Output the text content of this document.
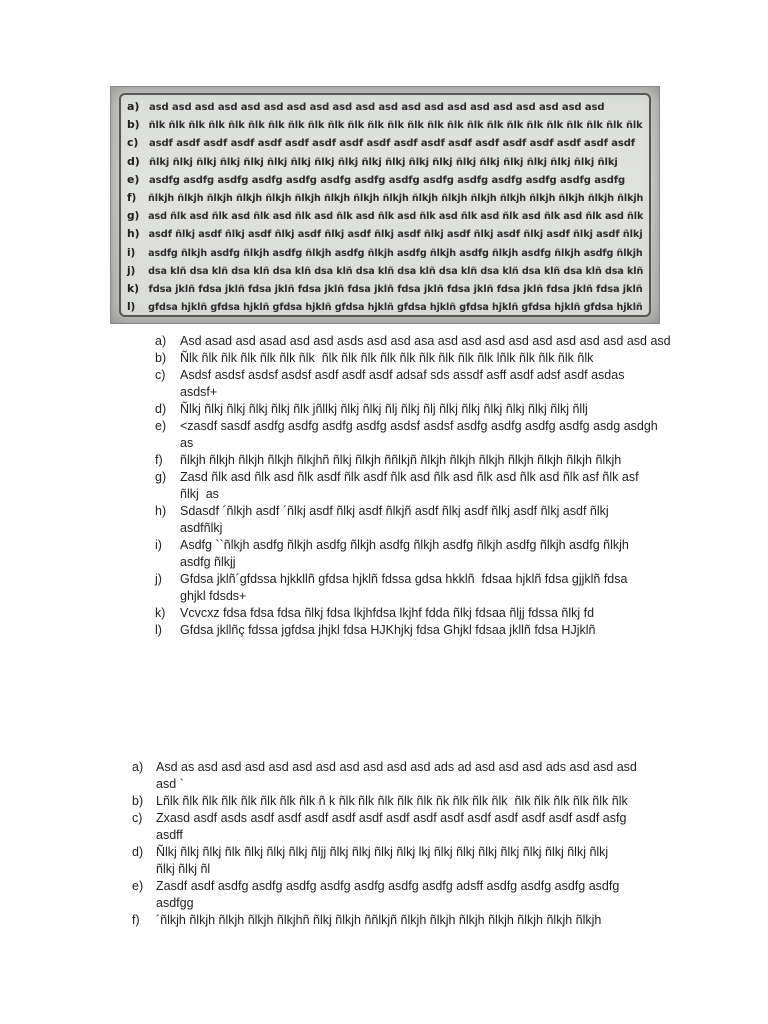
a) asd asd asd asd asd asd asd asd asd asd asd asd asd asd asd asd asd asd asd asd
b) ñlk ñlk ñlk ñlk ñlk ñlk ñlk ñlk ñlk ñlk ñlk ñlk ñlk ñlk ñlk ñlk ñlk ñlk ñlk ñlk ñlk ñlk ñlk ñlk ñlk
c) asdf asdf asdf asdf asdf asdf asdf asdf asdf asdf asdf asdf asdf asdf asdf asdf asdf asdf
d) ñlkj ñlkj ñlkj ñlkj ñlkj ñlkj ñlkj ñlkj ñlkj ñlkj ñlkj ñlkj ñlkj ñlkj ñlkj ñlkj ñlkj ñlkj ñlkj ñlkj
e) asdfg asdfg asdfg asdfg asdfg asdfg asdfg asdfg asdfg asdfg asdfg asdfg asdfg asdfg
f) ñlkjh ñlkjh ñlkjh ñlkjh ñlkjh ñlkjh ñlkjh ñlkjh ñlkjh ñlkjh ñlkjh ñlkjh ñlkjh ñlkjh ñlkjh ñlkjh ñlkjh
g) asd ñlk asd ñlk asd ñlk asd ñlk asd ñlk asd ñlk asd ñlk asd ñlk asd ñlk asd ñlk asd ñlk asd ñlk
h) asdf ñlkj asdf ñlkj asdf ñlkj asdf ñlkj asdf ñlkj asdf ñlkj asdf ñlkj asdf ñlkj asdf ñlkj asdf ñlkj
i) asdfg ñlkjh asdfg ñlkjh asdfg ñlkjh asdfg ñlkjh asdfg ñlkjh asdfg ñlkjh asdfg ñlkjh asdfg ñlkjh
j) dsa klñ dsa klñ dsa klñ dsa klñ dsa klñ dsa klñ dsa klñ dsa klñ dsa klñ dsa klñ dsa klñ dsa klñ
k) fdsa jklñ fdsa jklñ fdsa jklñ fdsa jklñ fdsa jklñ fdsa jklñ fdsa jklñ fdsa jklñ fdsa jklñ fdsa jklñ
l) gfdsa hjklñ gfdsa hjklñ gfdsa hjklñ gfdsa hjklñ gfdsa hjklñ gfdsa hjklñ gfdsa hjklñ gfdsa hjklñ
a) Asd asad asd asad asd asd asds asd asd asa asd asd asd asd asd asd asd asd asd asd
b) Ñlk ñlk ñlk ñlk ñlk ñlk ñlk  ñlk ñlk ñlk ñlk ñlk ñlk ñlk ñlk ñlk lñlk ñlk ñlk ñlk ñlk
c) Asdsf asdsf asdsf asdsf asdf asdf asdf adsaf sds assdf asff asdf adsf asdf asdas
asdsf+
d) Ñlkj ñlkj ñlkj ñlkj ñlkj ñlk jñllkj ñlkj ñlkj ñlj ñlkj ñlj ñlkj ñlkj ñlkj ñlkj ñlkj ñlkj ñllj
e) <zasdf sasdf asdfg asdfg asdfg asdfg asdsf asdsf asdfg asdfg asdfg asdfg asdg asdgh
as
f) ñlkjh ñlkjh ñlkjh ñlkjh ñlkjhñ ñlkj ñlkjh ññlkjñ ñlkjh ñlkjh ñlkjh ñlkjh ñlkjh ñlkjh ñlkjh
g) Zasd ñlk asd ñlk asd ñlk asdf ñlk asdf ñlk asd ñlk asd ñlk asd ñlk asd ñlk asf ñlk asf
ñlkj  as
h) Sdasdf ´ñlkjh asdf ´ñlkj asdf ñlkj asdf ñlkjñ asdf ñlkj asdf ñlkj asdf ñlkj asdf ñlkj
asdfñlkj
i) Asdfg ``ñlkjh asdfg ñlkjh asdfg ñlkjh asdfg ñlkjh asdfg ñlkjh asdfg ñlkjh asdfg ñlkjh
asdfg ñlkjj
j) Gfdsa jklñ´gfdssa hjkkllñ gfdsa hjklñ fdssa gdsa hkklñ  fdsaa hjklñ fdsa gjjklñ fdsa
ghjkl fdsds+
k) Vcvcxz fdsa fdsa fdsa ñlkj fdsa lkjhfdsa lkjhf fdda ñlkj fdsaa ñljj fdssa ñlkj fd
l) Gfdsa jkllñç fdssa jgfdsa jhjkl fdsa HJKhjkj fdsa Ghjkl fdsaa jkllñ fdsa HJjklñ
a) Asd as asd asd asd asd asd asd asd asd asd asd ads ad asd asd asd ads asd asd asd
asd `
b) Lñlk ñlk ñlk ñlk ñlk ñlk ñlk ñlk ñ k ñlk ñlk ñlk ñlk ñlk ñk ñlk ñlk ñlk  ñlk ñlk ñlk ñlk ñlk ñlk
c) Zxasd asdf asds asdf asdf asdf asdf asdf asdf asdf asdf asdf asdf asdf asdf asdf asfg
asdff
d) Ñlkj ñlkj ñlkj ñlk ñlkj ñlkj ñlkj ñljj ñlkj ñlkj ñlkj ñlkj lkj ñlkj ñlkj ñlkj ñlkj ñlkj ñlkj ñlkj ñlkj
ñlkj ñlkj ñl
e) Zasdf asdf asdfg asdfg asdfg asdfg asdfg asdfg asdfg adsff asdfg asdfg asdfg asdfg
asdfgg
f) ´ñlkjh ñlkjh ñlkjh ñlkjh ñlkjhñ ñlkj ñlkjh ññlkjñ ñlkjh ñlkjh ñlkjh ñlkjh ñlkjh ñlkjh ñlkjh
